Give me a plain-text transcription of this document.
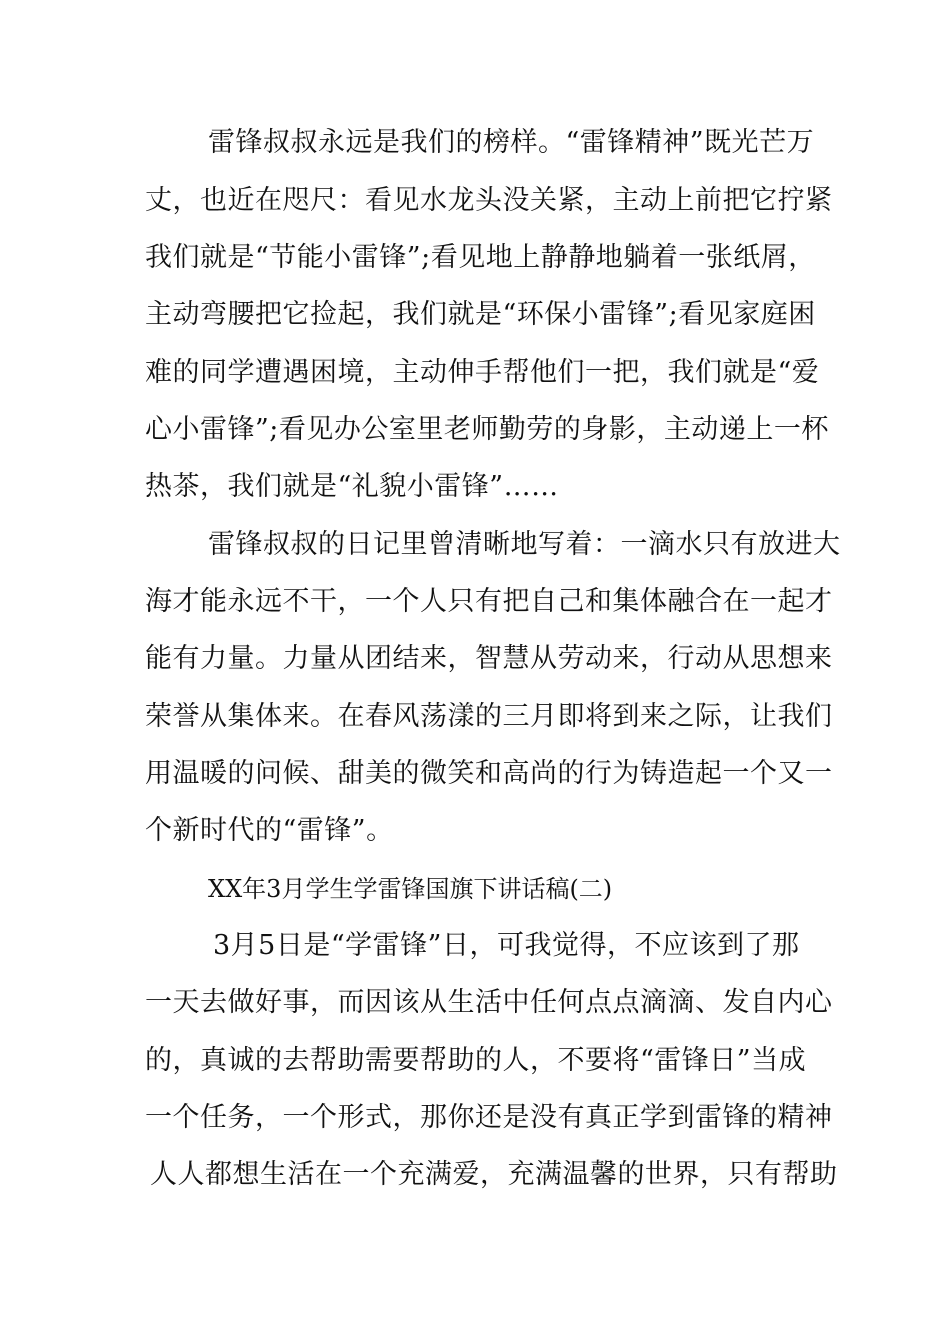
雷锋叔叔永远是我们的榜样。“雷锋精神”既光芒万
丈，也近在咫尺：看见水龙头没关紧，主动上前把它拧紧
我们就是“节能小雷锋”;看见地上静静地躺着一张纸屑，
主动弯腰把它捡起，我们就是“环保小雷锋”;看见家庭困
难的同学遭遇困境，主动伸手帮他们一把，我们就是“爱
心小雷锋”;看见办公室里老师勤劳的身影，主动递上一杯
热茶，我们就是“礼貌小雷锋”……
雷锋叔叔的日记里曾清晰地写着：一滴水只有放进大
海才能永远不干，一个人只有把自己和集体融合在一起才
能有力量。力量从团结来，智慧从劳动来，行动从思想来
荣誉从集体来。在春风荡漾的三月即将到来之际，让我们
用温暖的问候、甜美的微笑和高尚的行为铸造起一个又一
个新时代的“雷锋”。
XX年3月学生学雷锋国旗下讲话稿(二)
3月5日是“学雷锋”日，可我觉得，不应该到了那
一天去做好事，而因该从生活中任何点点滴滴、发自内心
的，真诚的去帮助需要帮助的人，不要将“雷锋日”当成
一个任务，一个形式，那你还是没有真正学到雷锋的精神
人人都想生活在一个充满爱，充满温馨的世界，只有帮助
